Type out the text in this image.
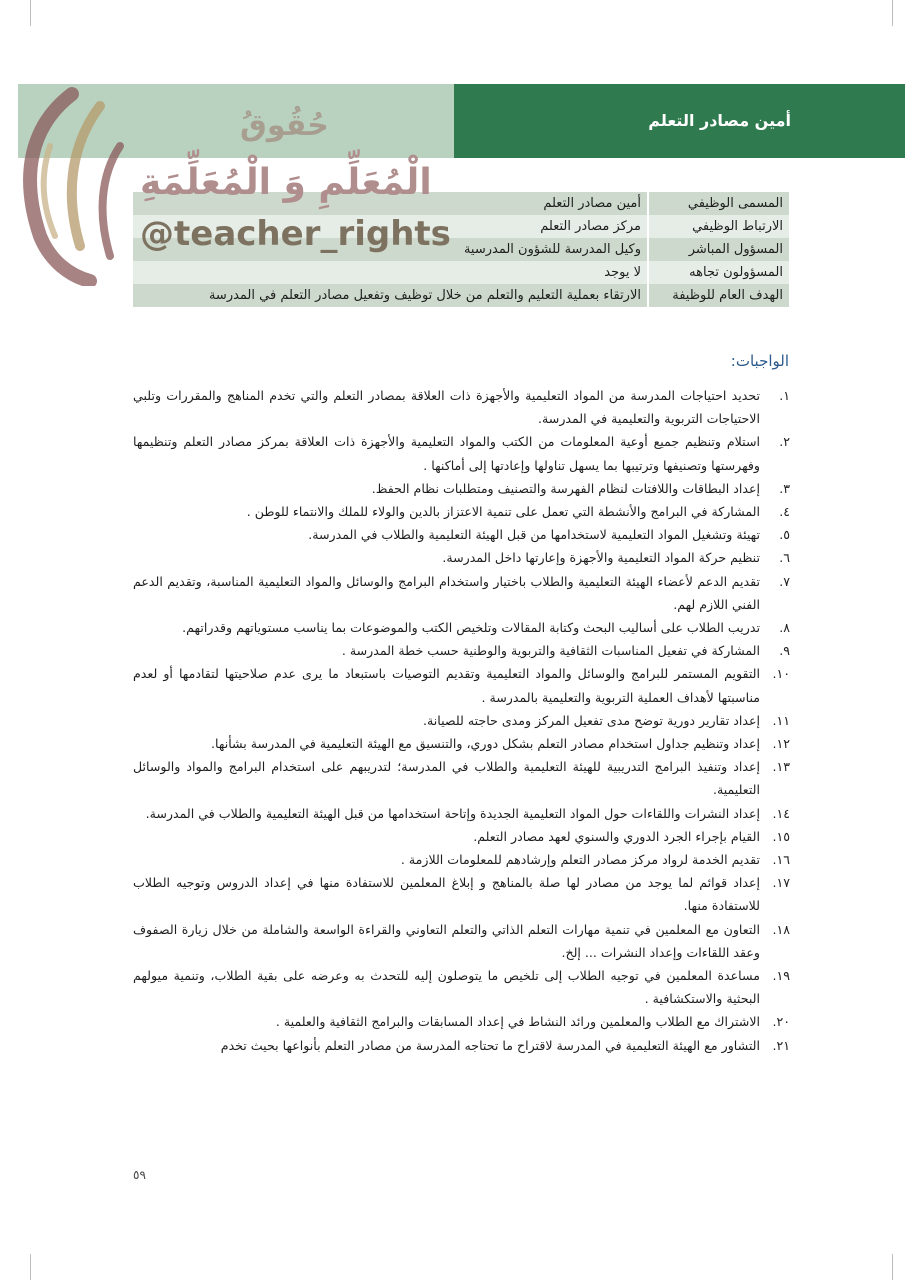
أمين مصادر التعلم
المسمى الوظيفي	أمين مصادر التعلم
الارتباط الوظيفي	مركز مصادر التعلم
المسؤول المباشر	وكيل المدرسة للشؤون المدرسية
المسؤولون تجاهه	لا يوجد
الهدف العام للوظيفة	الارتقاء بعملية التعليم والتعلم من خلال توظيف وتفعيل مصادر التعلم في المدرسة
حُقُوقُ
الْمُعَلِّمِ وَ الْمُعَلِّمَةِ
@teacher_rights
الواجبات:
١.
تحديد احتياجات المدرسة من المواد التعليمية والأجهزة ذات العلاقة بمصادر التعلم والتي تخدم المناهج والمقررات وتلبي الاحتياجات التربوية والتعليمية في المدرسة.
٢.
استلام وتنظيم جميع أوعية المعلومات من الكتب والمواد التعليمية والأجهزة ذات العلاقة بمركز مصادر التعلم وتنظيمها وفهرستها وتصنيفها وترتيبها بما يسهل تناولها وإعادتها إلى أماكنها .
٣.
إعداد البطاقات واللافتات لنظام الفهرسة والتصنيف ومتطلبات نظام الحفظ.
٤.
المشاركة في البرامج والأنشطة التي تعمل على تنمية الاعتزاز بالدين والولاء للملك والانتماء للوطن .
٥.
تهيئة وتشغيل المواد التعليمية لاستخدامها من قبل الهيئة التعليمية والطلاب في المدرسة.
٦.
تنظيم حركة المواد التعليمية والأجهزة وإعارتها داخل المدرسة.
٧.
تقديم الدعم لأعضاء الهيئة التعليمية والطلاب باختيار واستخدام البرامج والوسائل والمواد التعليمية المناسبة، وتقديم الدعم الفني اللازم لهم.
٨.
تدريب الطلاب على أساليب البحث وكتابة المقالات وتلخيص الكتب والموضوعات بما يناسب مستوياتهم وقدراتهم.
٩.
المشاركة في تفعيل المناسبات الثقافية والتربوية والوطنية حسب خطة المدرسة .
١٠.
التقويم المستمر للبرامج والوسائل والمواد التعليمية وتقديم التوصيات باستبعاد ما يرى عدم صلاحيتها لتقادمها أو لعدم مناسبتها لأهداف العملية التربوية والتعليمية بالمدرسة .
١١.
إعداد تقارير دورية توضح مدى تفعيل المركز ومدى حاجته للصيانة.
١٢.
إعداد وتنظيم جداول استخدام مصادر التعلم بشكل دوري، والتنسيق مع الهيئة التعليمية في المدرسة بشأنها.
١٣.
إعداد وتنفيذ البرامج التدريبية للهيئة التعليمية والطلاب في المدرسة؛ لتدريبهم على استخدام البرامج والمواد والوسائل التعليمية.
١٤.
إعداد النشرات واللقاءات حول المواد التعليمية الجديدة وإتاحة استخدامها من قبل الهيئة التعليمية والطلاب في المدرسة.
١٥.
القيام بإجراء الجرد الدوري والسنوي لعهد مصادر التعلم.
١٦.
تقديم الخدمة لرواد مركز مصادر التعلم وإرشادهم للمعلومات اللازمة .
١٧.
إعداد قوائم لما يوجد من مصادر لها صلة بالمناهج و إبلاغ المعلمين للاستفادة منها في إعداد الدروس وتوجيه الطلاب للاستفادة منها.
١٨.
التعاون مع المعلمين في تنمية مهارات التعلم الذاتي والتعلم التعاوني والقراءة الواسعة والشاملة من خلال زيارة الصفوف وعقد اللقاءات وإعداد النشرات ... إلخ.
١٩.
مساعدة المعلمين في توجيه الطلاب إلى تلخيص ما يتوصلون إليه للتحدث به وعرضه على بقية الطلاب، وتنمية ميولهم البحثية والاستكشافية .
٢٠.
الاشتراك مع الطلاب والمعلمين ورائد النشاط في إعداد المسابقات والبرامج الثقافية والعلمية .
٢١.
التشاور مع الهيئة التعليمية في المدرسة لاقتراح ما تحتاجه المدرسة من مصادر التعلم بأنواعها بحيث تخدم
٥٩
